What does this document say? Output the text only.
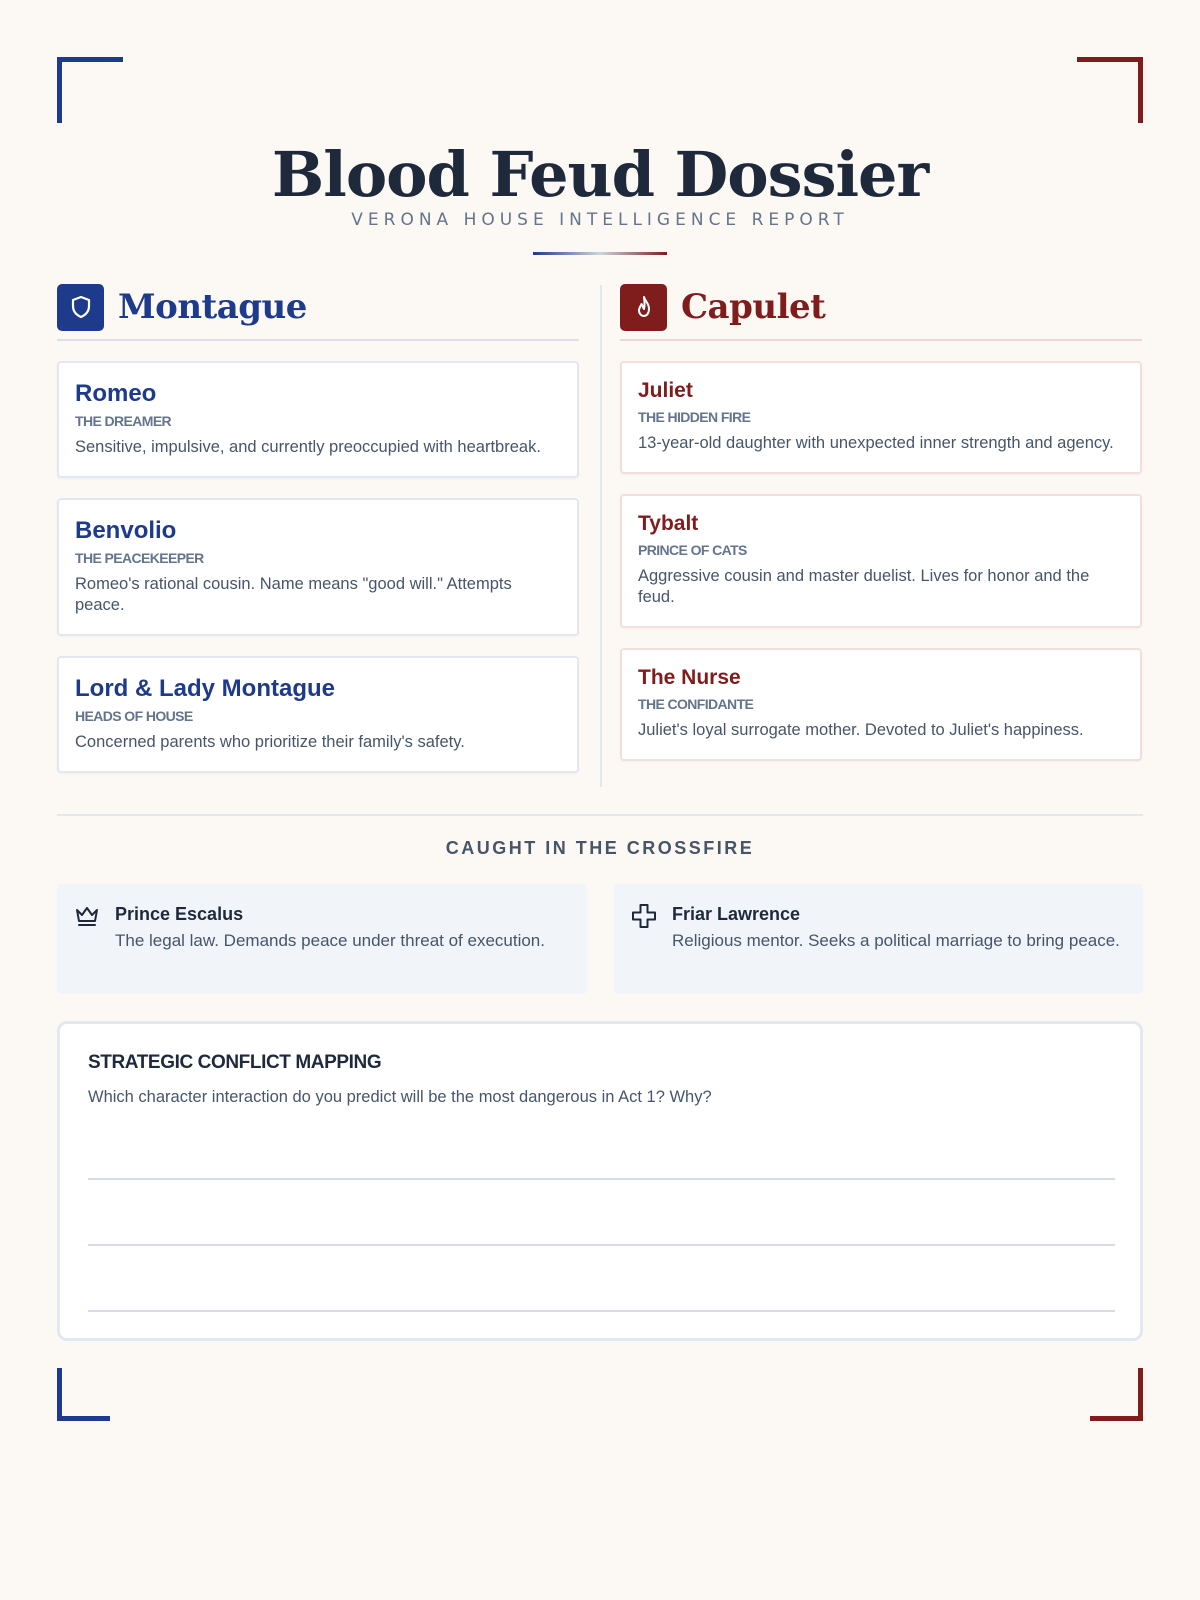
Blood Feud Dossier
VERONA HOUSE INTELLIGENCE REPORT
Montague
Romeo
THE DREAMER
Sensitive, impulsive, and currently preoccupied with heartbreak.
Benvolio
THE PEACEKEEPER
Romeo's rational cousin. Name means "good will." Attempts peace.
Lord & Lady Montague
HEADS OF HOUSE
Concerned parents who prioritize their family's safety.
Capulet
Juliet
THE HIDDEN FIRE
13-year-old daughter with unexpected inner strength and agency.
Tybalt
PRINCE OF CATS
Aggressive cousin and master duelist. Lives for honor and the feud.
The Nurse
THE CONFIDANTE
Juliet's loyal surrogate mother. Devoted to Juliet's happiness.
CAUGHT IN THE CROSSFIRE
Prince Escalus
The legal law. Demands peace under threat of execution.
Friar Lawrence
Religious mentor. Seeks a political marriage to bring peace.
STRATEGIC CONFLICT MAPPING
Which character interaction do you predict will be the most dangerous in Act 1? Why?
